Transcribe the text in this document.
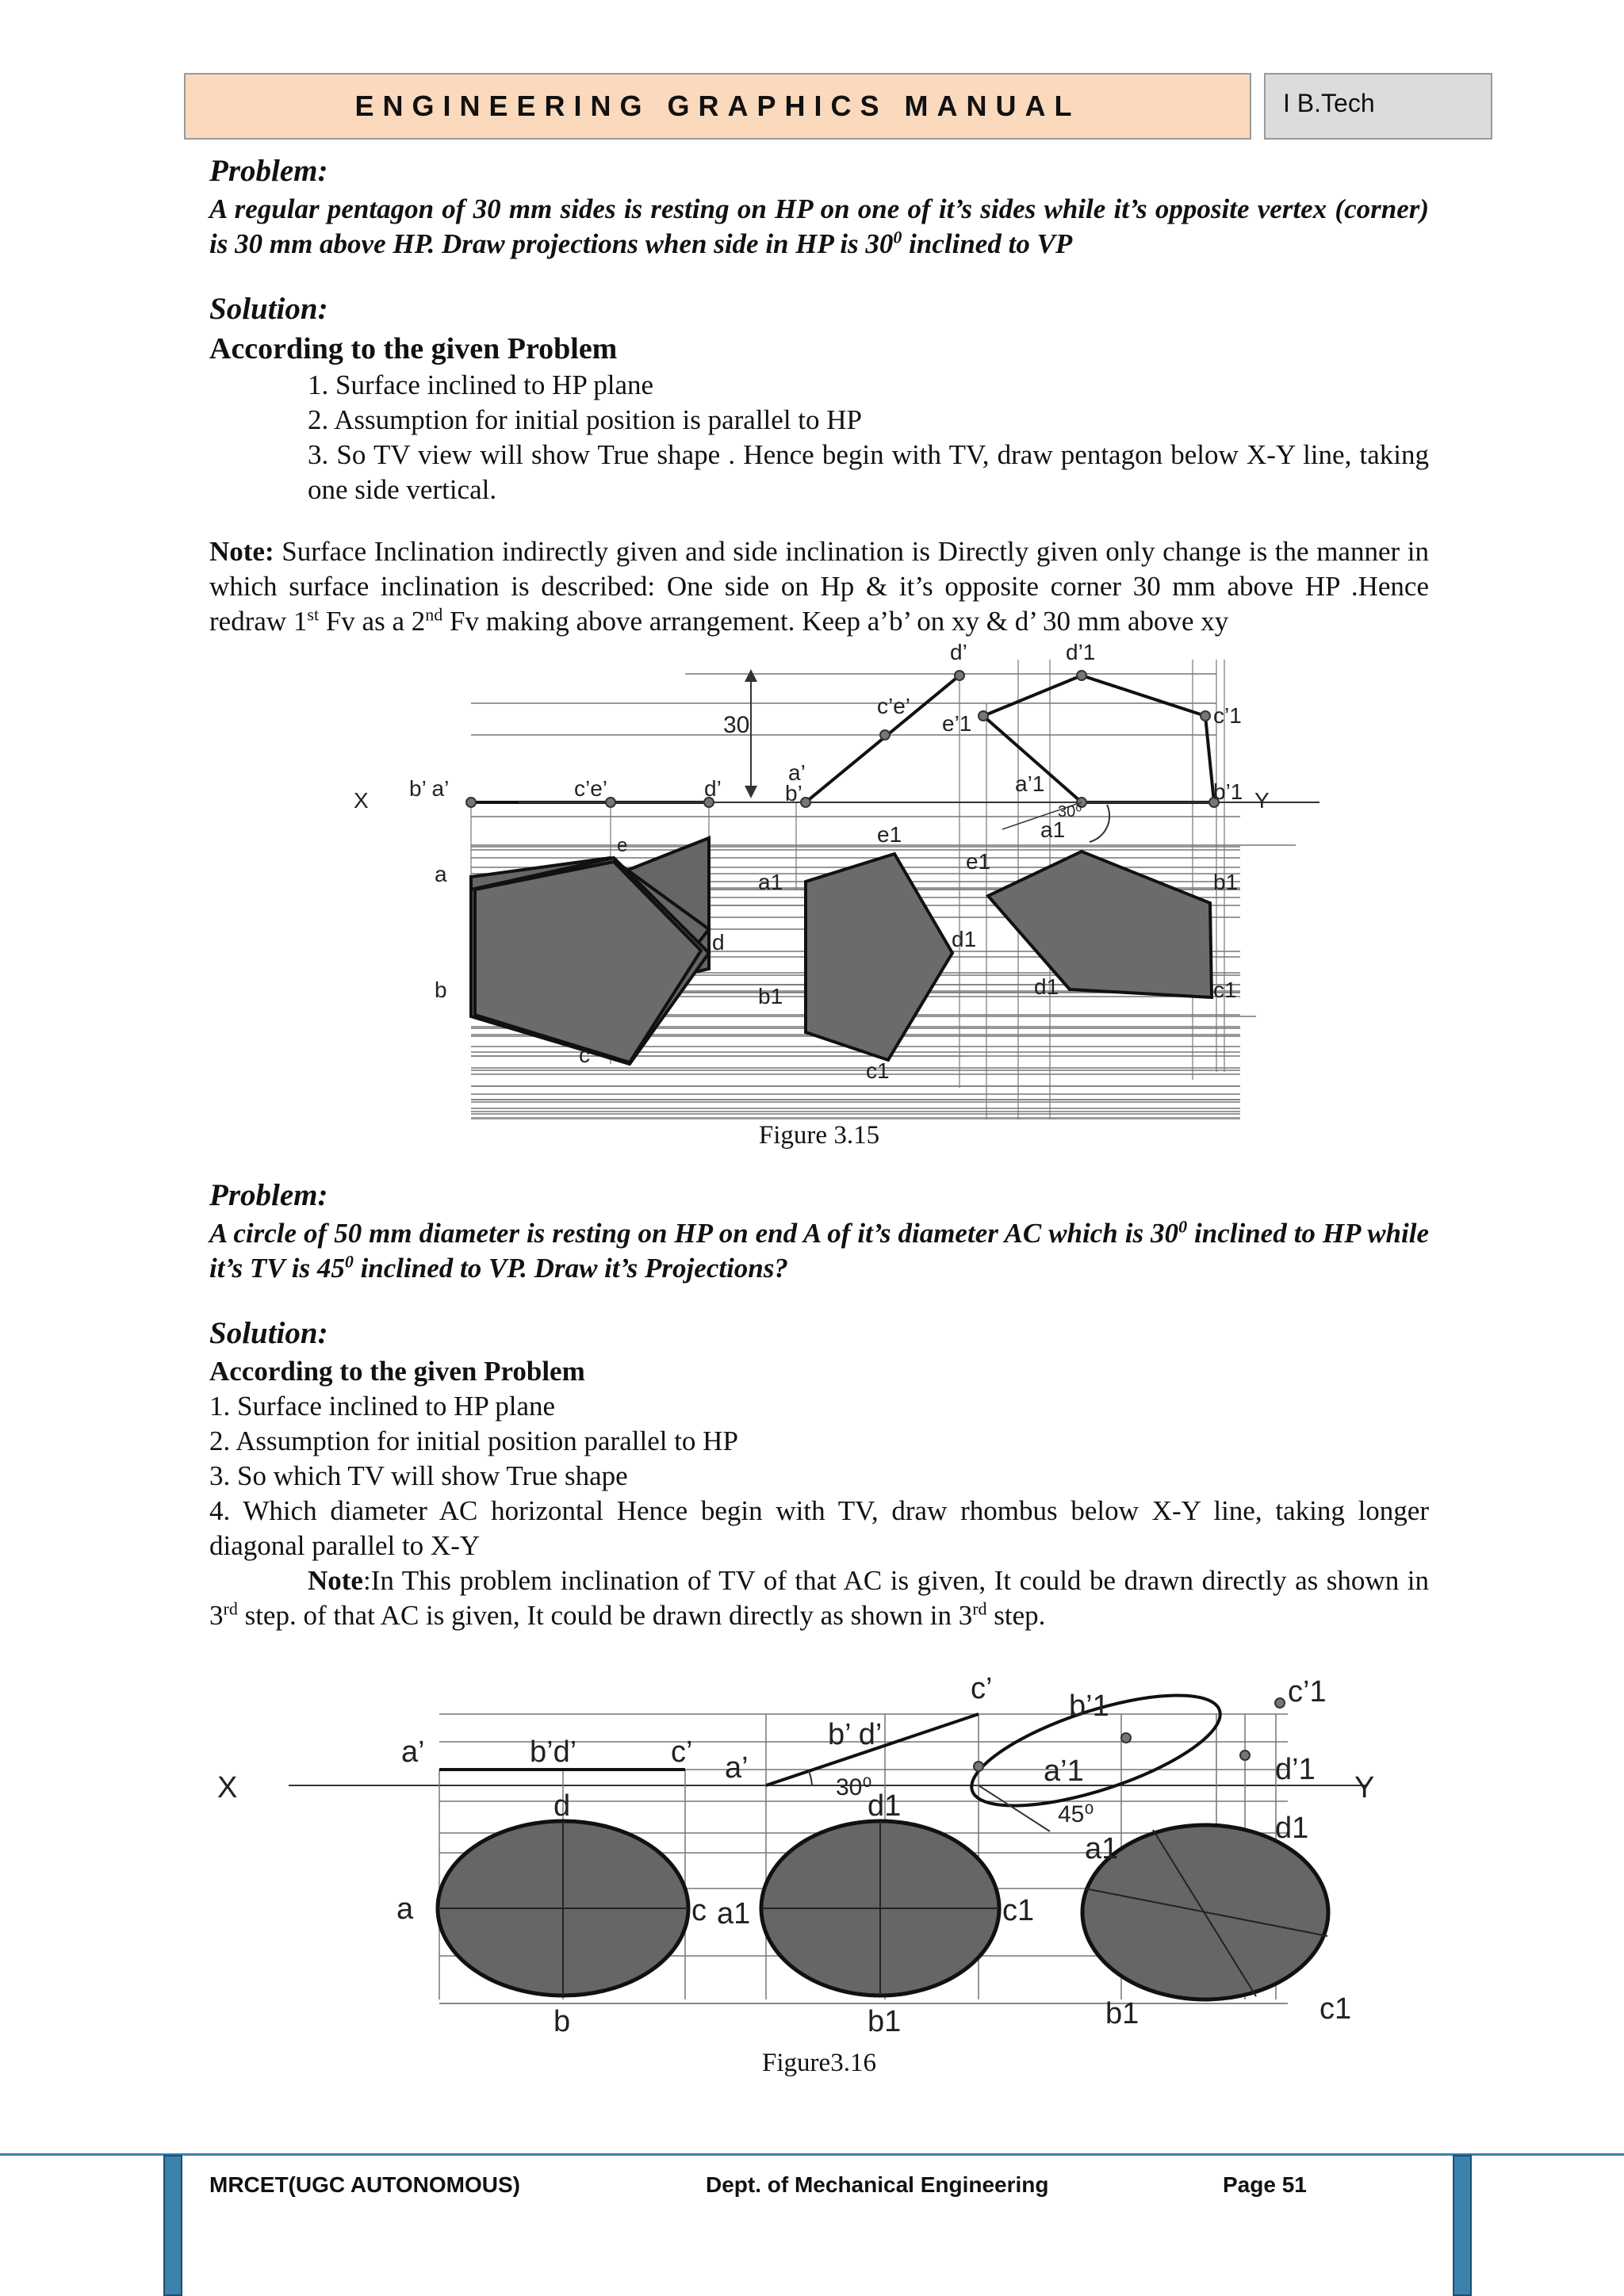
ENGINEERING GRAPHICS MANUAL	I B.Tech

Problem:

A regular pentagon of 30 mm sides is resting on HP on one of it’s sides while it’s opposite vertex (corner) is 30 mm above HP. Draw projections when side in HP is $30^0$ inclined to VP

Solution:

According to the given Problem

1. Surface inclined to HP plane

2. Assumption for initial position is parallel to HP

3. So TV view will show True shape . Hence begin with TV, draw pentagon below X-Y line, taking one side vertical.

Note: Surface Inclination indirectly given and side inclination is Directly given only change is the manner in which surface inclination is described: One side on Hp & it’s opposite corner 30 mm above HP .Hence redraw 1st Fv as a 2nd Fv making above arrangement. Keep a’b’ on xy & d’ 30 mm above xy

X	Y
b’ a’	c’e’	d’
a’
b’
c’e’
d’
e’1
d’1
c’1
a’1	b’1
30
30⁰
a
b
c
d
e
a1
b1
c1
d1
e1	a1
b1
c1
d1
e1

Figure 3.15

Problem:

A circle of 50 mm diameter is resting on HP on end A of it’s diameter AC which is $30^0$ inclined to HP while it’s TV is $45^0$ inclined to VP. Draw it’s Projections?

Solution:

According to the given Problem

1. Surface inclined to HP plane

2. Assumption for initial position parallel to HP

3. So which TV will show True shape

4. Which diameter AC horizontal Hence begin with TV, draw rhombus below X-Y line, taking longer diagonal parallel to X-Y

Note:In This problem inclination of TV of that AC is given, It could be drawn directly as shown in 3rd step. of that AC is given, It could be drawn directly as shown in 3rd step.

X	Y
a’	b’d’	c’ a’
b’ d’
c’
30⁰
b’1	c’1
a’1	d’1
45⁰
a
b
c
d
a1
b1
c1
d1
a1
b1	c1
d1

Figure3.16

MRCET(UGC AUTONOMOUS)	Dept. of Mechanical Engineering	Page 51
